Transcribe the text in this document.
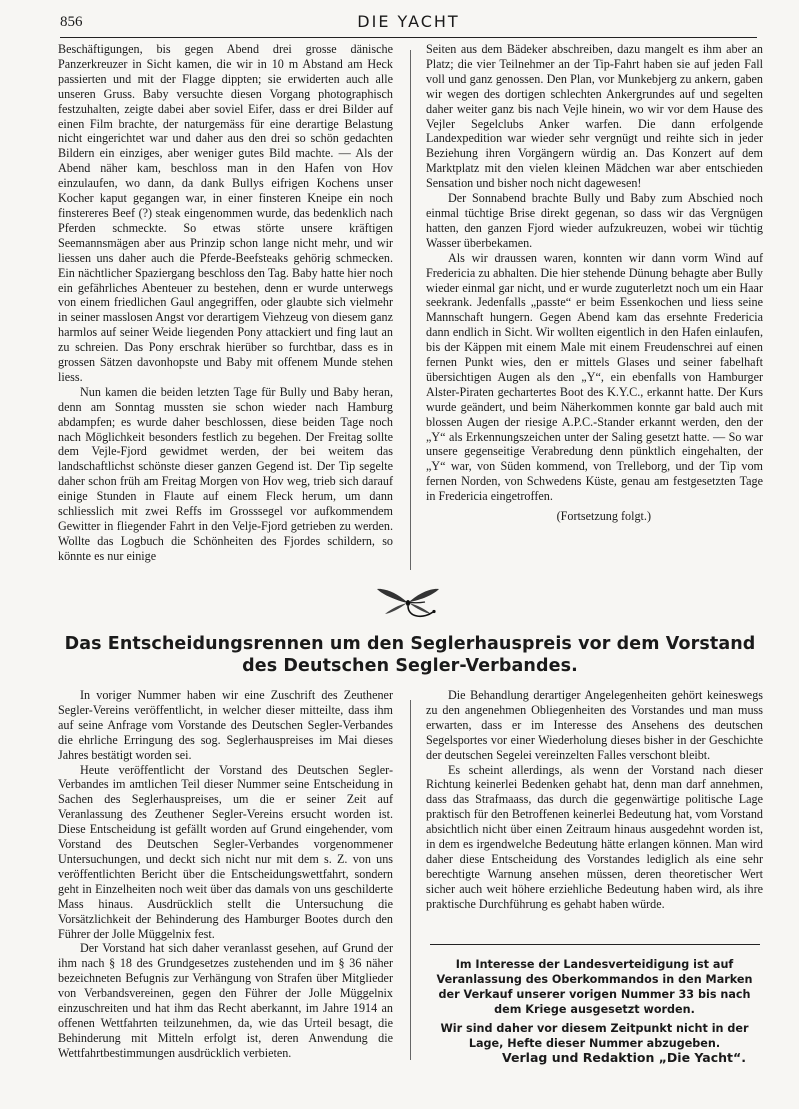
856	DIE YACHT

Beschäftigungen, bis gegen Abend drei grosse dänische Panzerkreuzer in Sicht kamen, die wir in 10 m Abstand am Heck passierten und mit der Flagge dippten; sie erwiderten auch alle unseren Gruss. Baby versuchte diesen Vorgang photographisch festzuhalten, zeigte dabei aber soviel Eifer, dass er drei Bilder auf einen Film brachte, der naturgemäss für eine derartige Belastung nicht eingerichtet war und daher aus den drei so schön gedachten Bildern ein einziges, aber weniger gutes Bild machte. — Als der Abend näher kam, beschloss man in den Hafen von Hov einzulaufen, wo dann, da dank Bullys eifrigen Kochens unser Kocher kaput gegangen war, in einer finsteren Kneipe ein noch finstereres Beef (?) steak eingenommen wurde, das bedenklich nach Pferden schmeckte. So etwas störte unsere kräftigen Seemannsmägen aber aus Prinzip schon lange nicht mehr, und wir liessen uns daher auch die Pferde-Beefsteaks gehörig schmecken. Ein nächtlicher Spaziergang beschloss den Tag. Baby hatte hier noch ein gefährliches Abenteuer zu bestehen, denn er wurde unterwegs von einem friedlichen Gaul angegriffen, oder glaubte sich vielmehr in seiner masslosen Angst vor derartigem Viehzeug von diesem ganz harmlos auf seiner Weide liegenden Pony attackiert und fing laut an zu schreien. Das Pony erschrak hierüber so furchtbar, dass es in grossen Sätzen davonhopste und Baby mit offenem Munde stehen liess.

Nun kamen die beiden letzten Tage für Bully und Baby heran, denn am Sonntag mussten sie schon wieder nach Hamburg abdampfen; es wurde daher beschlossen, diese beiden Tage noch nach Möglichkeit besonders festlich zu begehen. Der Freitag sollte dem Vejle-Fjord gewidmet werden, der bei weitem das landschaftlichst schönste dieser ganzen Gegend ist. Der Tip segelte daher schon früh am Freitag Morgen von Hov weg, trieb sich darauf einige Stunden in Flaute auf einem Fleck herum, um dann schliesslich mit zwei Reffs im Grosssegel vor aufkommendem Gewitter in fliegender Fahrt in den Veljе-Fjord getrieben zu werden. Wollte das Logbuch die Schönheiten des Fjordes schildern, so könnte es nur einige

Seiten aus dem Bädeker abschreiben, dazu mangelt es ihm aber an Platz; die vier Teilnehmer an der Tip-Fahrt haben sie auf jeden Fall voll und ganz genossen. Den Plan, vor Munkebjerg zu ankern, gaben wir wegen des dortigen schlechten Ankergrundes auf und segelten daher weiter ganz bis nach Vejle hinein, wo wir vor dem Hause des Vejler Segelclubs Anker warfen. Die dann erfolgende Landexpedition war wieder sehr vergnügt und reihte sich in jeder Beziehung ihren Vorgängern würdig an. Das Konzert auf dem Marktplatz mit den vielen kleinen Mädchen war aber entschieden Sensation und bisher noch nicht dagewesen!

Der Sonnabend brachte Bully und Baby zum Abschied noch einmal tüchtige Brise direkt gegenan, so dass wir das Vergnügen hatten, den ganzen Fjord wieder aufzukreuzen, wobei wir tüchtig Wasser überbekamen.

Als wir draussen waren, konnten wir dann vorm Wind auf Fredericia zu abhalten. Die hier stehende Dünung behagte aber Bully wieder einmal gar nicht, und er wurde zuguterletzt noch um ein Haar seekrank. Jedenfalls „passte“ er beim Essenkochen und liess seine Mannschaft hungern. Gegen Abend kam das ersehnte Fredericia dann endlich in Sicht. Wir wollten eigentlich in den Hafen einlaufen, bis der Käppen mit einem Male mit einem Freudenschrei auf einen fernen Punkt wies, den er mittels Glases und seiner fabelhaft übersichtigen Augen als den „Y“, ein ebenfalls von Hamburger Alster-Piraten gechartertes Boot des K.Y.C., erkannt hatte. Der Kurs wurde geändert, und beim Näherkommen konnte gar bald auch mit blossen Augen der riesige A.P.C.-Stander erkannt werden, den der „Y“ als Erkennungszeichen unter der Saling gesetzt hatte. — So war unsere gegenseitige Verabredung denn pünktlich eingehalten, der „Y“ war, von Süden kommend, von Trelleborg, und der Tip vom fernen Norden, von Schwedens Küste, genau am festgesetzten Tage in Fredericia eingetroffen.

(Fortsetzung folgt.)

Das Entscheidungsrennen um den Seglerhauspreis vor dem Vorstand
des Deutschen Segler-Verbandes.

In voriger Nummer haben wir eine Zuschrift des Zeuthener Segler-Vereins veröffentlicht, in welcher dieser mitteilte, dass ihm auf seine Anfrage vom Vorstande des Deutschen Segler-Verbandes die ehrliche Erringung des sog. Seglerhauspreises im Mai dieses Jahres bestätigt worden sei.

Heute veröffentlicht der Vorstand des Deutschen Segler-Verbandes im amtlichen Teil dieser Nummer seine Entscheidung in Sachen des Seglerhauspreises, um die er seiner Zeit auf Veranlassung des Zeuthener Segler-Vereins ersucht worden ist. Diese Entscheidung ist gefällt worden auf Grund eingehender, vom Vorstand des Deutschen Segler-Verbandes vorgenommener Untersuchungen, und deckt sich nicht nur mit dem s. Z. von uns veröffentlichten Bericht über die Entscheidungswettfahrt, sondern geht in Einzelheiten noch weit über das damals von uns geschilderte Mass hinaus. Ausdrücklich stellt die Untersuchung die Vorsätzlichkeit der Behinderung des Hamburger Bootes durch den Führer der Jolle Müggelnix fest.

Der Vorstand hat sich daher veranlasst gesehen, auf Grund der ihm nach § 18 des Grundgesetzes zustehenden und im § 36 näher bezeichneten Befugnis zur Verhängung von Strafen über Mitglieder von Verbandsvereinen, gegen den Führer der Jolle Müggelnix einzuschreiten und hat ihm das Recht aberkannt, im Jahre 1914 an offenen Wettfahrten teilzunehmen, da, wie das Urteil besagt, die Behinderung mit Mitteln erfolgt ist, deren Anwendung die Wettfahrtbestimmungen ausdrücklich verbieten.

Die Behandlung derartiger Angelegenheiten gehört keineswegs zu den angenehmen Obliegenheiten des Vorstandes und man muss erwarten, dass er im Interesse des Ansehens des deutschen Segelsportes vor einer Wiederholung dieses bisher in der Geschichte der deutschen Segelei vereinzelten Falles verschont bleibt.

Es scheint allerdings, als wenn der Vorstand nach dieser Richtung keinerlei Bedenken gehabt hat, denn man darf annehmen, dass das Strafmaass, das durch die gegenwärtige politische Lage praktisch für den Betroffenen keinerlei Bedeutung hat, vom Vorstand absichtlich nicht über einen Zeitraum hinaus ausgedehnt worden ist, in dem es irgendwelche Bedeutung hätte erlangen können. Man wird daher diese Entscheidung des Vorstandes lediglich als eine sehr berechtigte Warnung ansehen müssen, deren theoretischer Wert sicher auch weit höhere erziehliche Bedeutung haben wird, als ihre praktische Durchführung es gehabt haben würde.

Im Interesse der Landesverteidigung ist auf Veranlassung des Oberkommandos in den Marken der Verkauf unserer vorigen Nummer 33 bis nach dem Kriege ausgesetzt worden.

Wir sind daher vor diesem Zeitpunkt nicht in der Lage, Hefte dieser Nummer abzugeben.

Verlag und Redaktion „Die Yacht“.
